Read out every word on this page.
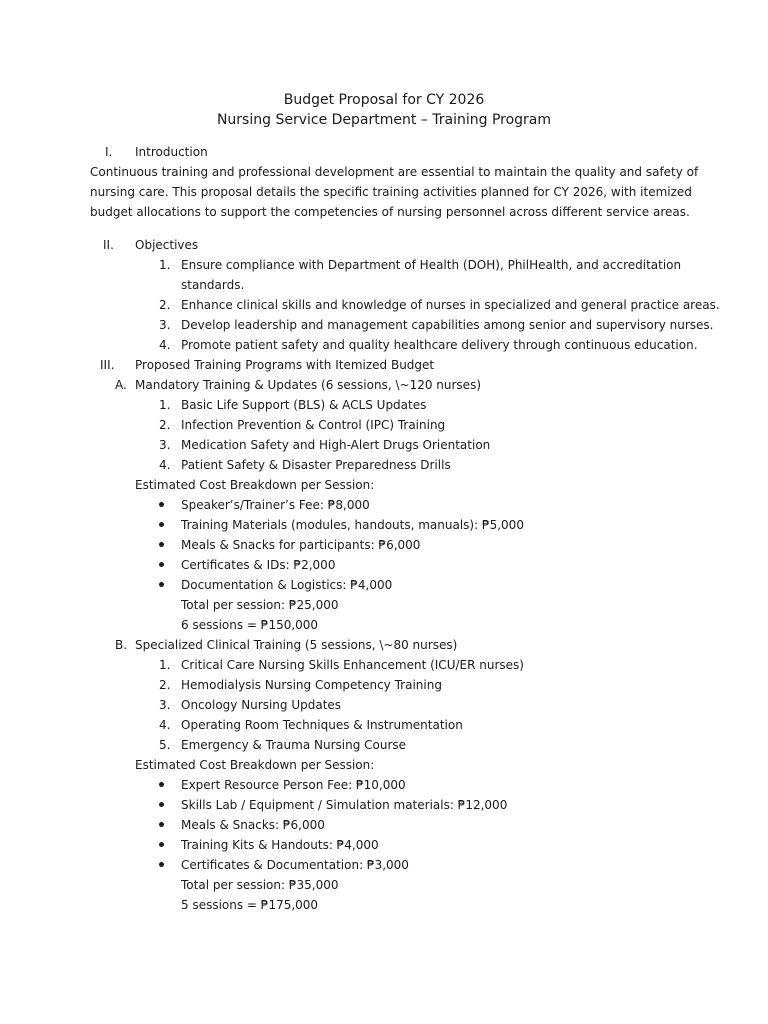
Budget Proposal for CY 2026
Nursing Service Department – Training Program
I. Introduction
Continuous training and professional development are essential to maintain the quality and safety of
nursing care. This proposal details the specific training activities planned for CY 2026, with itemized
budget allocations to support the competencies of nursing personnel across different service areas.
II. Objectives
1. Ensure compliance with Department of Health (DOH), PhilHealth, and accreditation
standards.
2. Enhance clinical skills and knowledge of nurses in specialized and general practice areas.
3. Develop leadership and management capabilities among senior and supervisory nurses.
4. Promote patient safety and quality healthcare delivery through continuous education.
III. Proposed Training Programs with Itemized Budget
A. Mandatory Training & Updates (6 sessions, \~120 nurses)
1. Basic Life Support (BLS) & ACLS Updates
2. Infection Prevention & Control (IPC) Training
3. Medication Safety and High-Alert Drugs Orientation
4. Patient Safety & Disaster Preparedness Drills
Estimated Cost Breakdown per Session:
Speaker’s/Trainer’s Fee: ₱8,000
Training Materials (modules, handouts, manuals): ₱5,000
Meals & Snacks for participants: ₱6,000
Certificates & IDs: ₱2,000
Documentation & Logistics: ₱4,000
Total per session: ₱25,000
6 sessions = ₱150,000
B. Specialized Clinical Training (5 sessions, \~80 nurses)
1. Critical Care Nursing Skills Enhancement (ICU/ER nurses)
2. Hemodialysis Nursing Competency Training
3. Oncology Nursing Updates
4. Operating Room Techniques & Instrumentation
5. Emergency & Trauma Nursing Course
Estimated Cost Breakdown per Session:
Expert Resource Person Fee: ₱10,000
Skills Lab / Equipment / Simulation materials: ₱12,000
Meals & Snacks: ₱6,000
Training Kits & Handouts: ₱4,000
Certificates & Documentation: ₱3,000
Total per session: ₱35,000
5 sessions = ₱175,000
